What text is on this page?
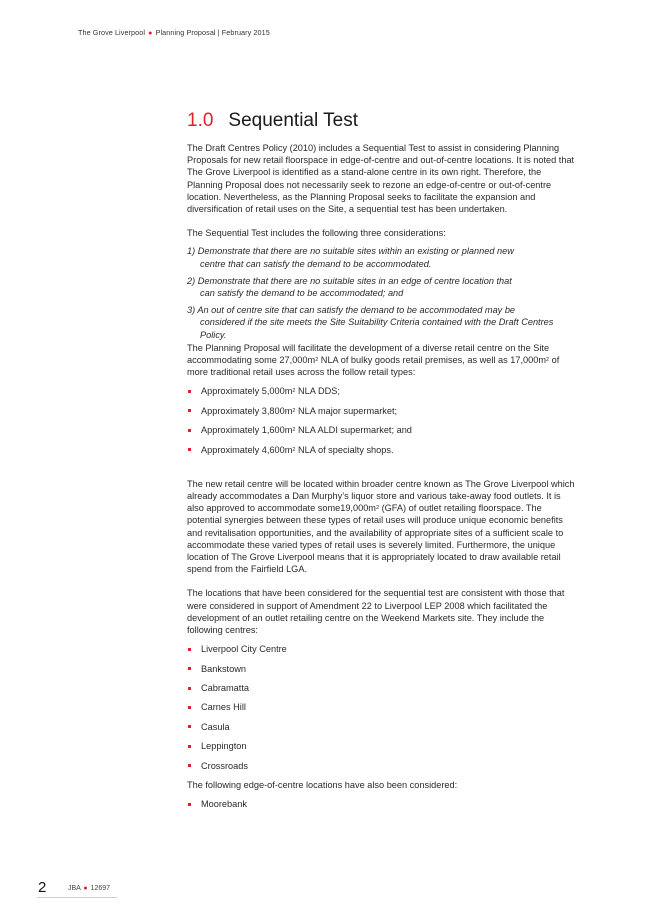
The Grove Liverpool ● Planning Proposal | February 2015
1.0 Sequential Test

The Draft Centres Policy (2010) includes a Sequential Test to assist in considering Planning Proposals for new retail floorspace in edge-of-centre and out-of-centre locations. It is noted that The Grove Liverpool is identified as a stand-alone centre in its own right. Therefore, the Planning Proposal does not necessarily seek to rezone an edge-of-centre or out-of-centre location. Nevertheless, as the Planning Proposal seeks to facilitate the expansion and diversification of retail uses on the Site, a sequential test has been undertaken.

The Sequential Test includes the following three considerations:

1) Demonstrate that there are no suitable sites within an existing or planned new
centre that can satisfy the demand to be accommodated.
2) Demonstrate that there are no suitable sites in an edge of centre location that
can satisfy the demand to be accommodated; and
3) An out of centre site that can satisfy the demand to be accommodated may be
considered if the site meets the Site Suitability Criteria contained with the Draft Centres Policy.

The Planning Proposal will facilitate the development of a diverse retail centre on the Site accommodating some $27,000m^2$ NLA of bulky goods retail premises, as well as $17,000m^2$ of more traditional retail uses across the follow retail types:

Approximately $5,000m^2$ NLA DDS;
Approximately $3,800m^2$ NLA major supermarket;
Approximately $1,600m^2$ NLA ALDI supermarket; and
Approximately $4,600m^2$ NLA of specialty shops.

The new retail centre will be located within broader centre known as The Grove Liverpool which already accommodates a Dan Murphy’s liquor store and various take-away food outlets. It is also approved to accommodate $some19,000m^2$ (GFA) of outlet retailing floorspace. The potential synergies between these types of retail uses will produce unique economic benefits and revitalisation opportunities, and the availability of appropriate sites of a sufficient scale to accommodate these varied types of retail uses is severely limited. Furthermore, the unique location of The Grove Liverpool means that it is appropriately located to draw available retail spend from the Fairfield LGA.

The locations that have been considered for the sequential test are consistent with those that were considered in support of Amendment 22 to Liverpool LEP 2008 which facilitated the development of an outlet retailing centre on the Weekend Markets site. They include the following centres:

Liverpool City Centre
Bankstown
Cabramatta
Carnes Hill
Casula
Leppington
Crossroads

The following edge-of-centre locations have also been considered:

Moorebank
2	JBA ● 12697
